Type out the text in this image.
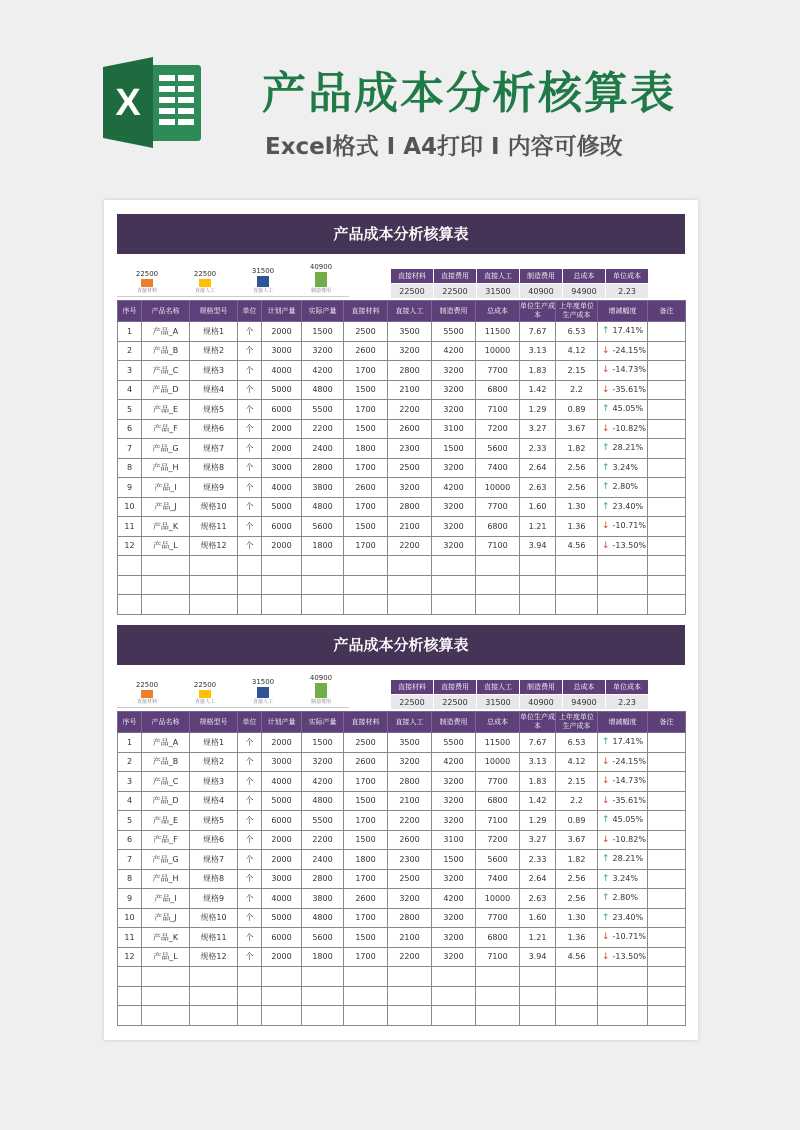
X	产品成本分析核算表
Excel格式 I A4打印 I 内容可修改
产品成本分析核算表
22500
直接材料
22500
直接人工
31500
直接人工
40900
制造费用
直接材料	直接费用	直接人工	制造费用	总成本	单位成本
22500	22500	31500	40900	94900	2.23
序号	产品名称	规格型号	单位	计划产量	实际产量	直接材料	直接人工	制造费用	总成本	单位生产成本	上年度单位生产成本	增减幅度	备注
1	产品_A	规格1	个	2000	1500	2500	3500	5500	11500	7.67	6.53	↑ 17.41%	
2	产品_B	规格2	个	3000	3200	2600	3200	4200	10000	3.13	4.12	↓ -24.15%	
3	产品_C	规格3	个	4000	4200	1700	2800	3200	7700	1.83	2.15	↓ -14.73%	
4	产品_D	规格4	个	5000	4800	1500	2100	3200	6800	1.42	2.2	↓ -35.61%	
5	产品_E	规格5	个	6000	5500	1700	2200	3200	7100	1.29	0.89	↑ 45.05%	
6	产品_F	规格6	个	2000	2200	1500	2600	3100	7200	3.27	3.67	↓ -10.82%	
7	产品_G	规格7	个	2000	2400	1800	2300	1500	5600	2.33	1.82	↑ 28.21%	
8	产品_H	规格8	个	3000	2800	1700	2500	3200	7400	2.64	2.56	↑ 3.24%	
9	产品_I	规格9	个	4000	3800	2600	3200	4200	10000	2.63	2.56	↑ 2.80%	
10	产品_J	规格10	个	5000	4800	1700	2800	3200	7700	1.60	1.30	↑ 23.40%	
11	产品_K	规格11	个	6000	5600	1500	2100	3200	6800	1.21	1.36	↓ -10.71%	
12	产品_L	规格12	个	2000	1800	1700	2200	3200	7100	3.94	4.56	↓ -13.50%	

产品成本分析核算表
22500
直接材料
22500
直接人工
31500
直接人工
40900
制造费用
直接材料	直接费用	直接人工	制造费用	总成本	单位成本
22500	22500	31500	40900	94900	2.23
序号	产品名称	规格型号	单位	计划产量	实际产量	直接材料	直接人工	制造费用	总成本	单位生产成本	上年度单位生产成本	增减幅度	备注
1	产品_A	规格1	个	2000	1500	2500	3500	5500	11500	7.67	6.53	↑ 17.41%	
2	产品_B	规格2	个	3000	3200	2600	3200	4200	10000	3.13	4.12	↓ -24.15%	
3	产品_C	规格3	个	4000	4200	1700	2800	3200	7700	1.83	2.15	↓ -14.73%	
4	产品_D	规格4	个	5000	4800	1500	2100	3200	6800	1.42	2.2	↓ -35.61%	
5	产品_E	规格5	个	6000	5500	1700	2200	3200	7100	1.29	0.89	↑ 45.05%	
6	产品_F	规格6	个	2000	2200	1500	2600	3100	7200	3.27	3.67	↓ -10.82%	
7	产品_G	规格7	个	2000	2400	1800	2300	1500	5600	2.33	1.82	↑ 28.21%	
8	产品_H	规格8	个	3000	2800	1700	2500	3200	7400	2.64	2.56	↑ 3.24%	
9	产品_I	规格9	个	4000	3800	2600	3200	4200	10000	2.63	2.56	↑ 2.80%	
10	产品_J	规格10	个	5000	4800	1700	2800	3200	7700	1.60	1.30	↑ 23.40%	
11	产品_K	规格11	个	6000	5600	1500	2100	3200	6800	1.21	1.36	↓ -10.71%	
12	产品_L	规格12	个	2000	1800	1700	2200	3200	7100	3.94	4.56	↓ -13.50%	
